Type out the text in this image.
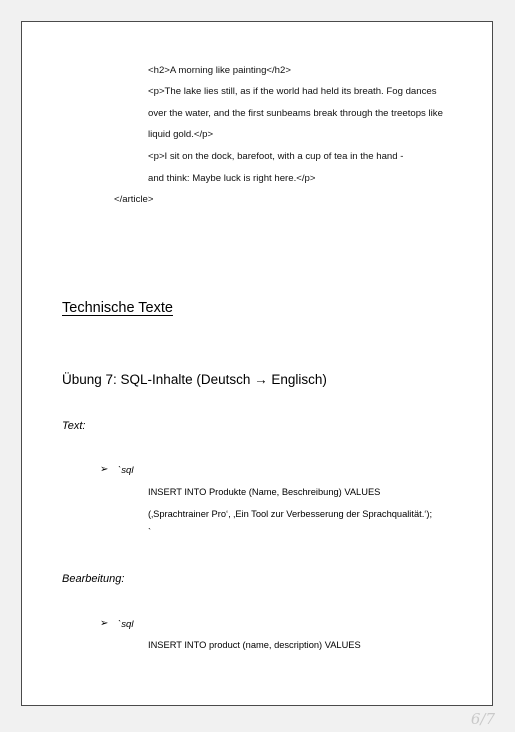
<h2>A morning like painting</h2>

<p>The lake lies still, as if the world had held its breath. Fog dances

over the water, and the first sunbeams break through the treetops like

liquid gold.</p>

<p>I sit on the dock, barefoot, with a cup of tea in the hand -

and think: Maybe luck is right here.</p>

</article>

Technische Texte
Übung 7: SQL-Inhalte (Deutsch → Englisch)

Text:

➢ `sql
INSERT INTO Produkte (Name, Beschreibung) VALUES
(‚Sprachtrainer Pro‘, ‚Ein Tool zur Verbesserung der Sprachqualität.‘);
`

Bearbeitung:

➢ `sql
INSERT INTO product (name, description) VALUES
6/7
